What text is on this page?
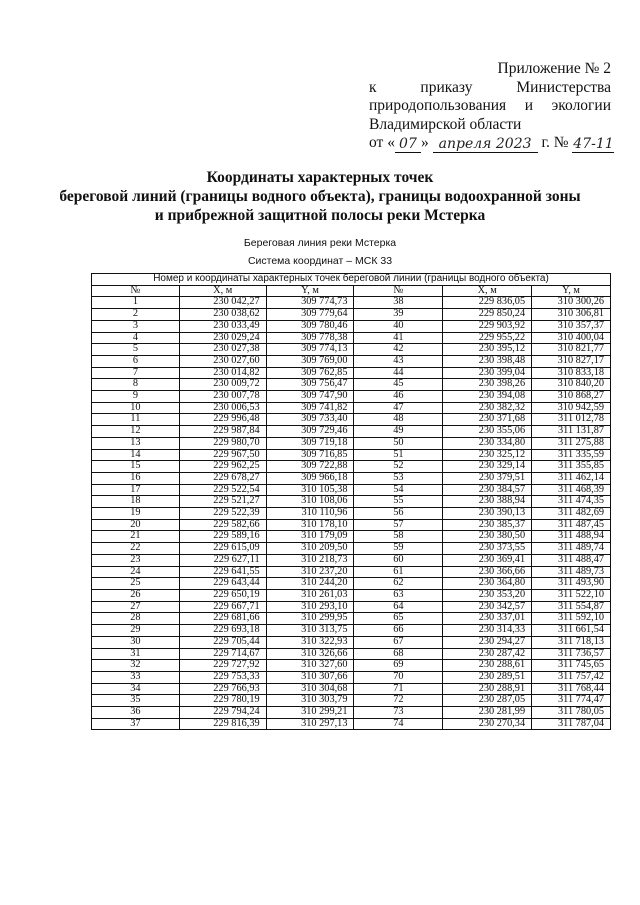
Приложение № 2
к	приказу	Министерства
природопользования и экологии
Владимирской области
от « 07 » апреля 2023 г. № 47-11
Координаты характерных точек
береговой линий (границы водного объекта), границы водоохранной зоны
и прибрежной защитной полосы реки Мстерка
Береговая линия реки Мстерка
Система координат – МСК 33
Номер и координаты характерных точек береговой линии (границы водного объекта)					
№	X, м	Y, м	№	X, м	Y, м
1	230 042,27	309 774,73	38	229 836,05	310 300,26
2	230 038,62	309 779,64	39	229 850,24	310 306,81
3	230 033,49	309 780,46	40	229 903,92	310 357,37
4	230 029,24	309 778,38	41	229 955,22	310 400,04
5	230 027,38	309 774,13	42	230 395,12	310 821,77
6	230 027,60	309 769,00	43	230 398,48	310 827,17
7	230 014,82	309 762,85	44	230 399,04	310 833,18
8	230 009,72	309 756,47	45	230 398,26	310 840,20
9	230 007,78	309 747,90	46	230 394,08	310 868,27
10	230 006,53	309 741,82	47	230 382,32	310 942,59
11	229 996,48	309 733,40	48	230 371,68	311 012,78
12	229 987,84	309 729,46	49	230 355,06	311 131,87
13	229 980,70	309 719,18	50	230 334,80	311 275,88
14	229 967,50	309 716,85	51	230 325,12	311 335,59
15	229 962,25	309 722,88	52	230 329,14	311 355,85
16	229 678,27	309 966,18	53	230 379,51	311 462,14
17	229 522,54	310 105,38	54	230 384,57	311 468,39
18	229 521,27	310 108,06	55	230 388,94	311 474,35
19	229 522,39	310 110,96	56	230 390,13	311 482,69
20	229 582,66	310 178,10	57	230 385,37	311 487,45
21	229 589,16	310 179,09	58	230 380,50	311 488,94
22	229 615,09	310 209,50	59	230 373,55	311 489,74
23	229 627,11	310 218,73	60	230 369,41	311 488,47
24	229 641,55	310 237,20	61	230 366,66	311 489,73
25	229 643,44	310 244,20	62	230 364,80	311 493,90
26	229 650,19	310 261,03	63	230 353,20	311 522,10
27	229 667,71	310 293,10	64	230 342,57	311 554,87
28	229 681,66	310 299,95	65	230 337,01	311 592,10
29	229 693,18	310 313,75	66	230 314,33	311 661,54
30	229 705,44	310 322,93	67	230 294,27	311 718,13
31	229 714,67	310 326,66	68	230 287,42	311 736,57
32	229 727,92	310 327,60	69	230 288,61	311 745,65
33	229 753,33	310 307,66	70	230 289,51	311 757,42
34	229 766,93	310 304,68	71	230 288,91	311 768,44
35	229 780,19	310 303,79	72	230 287,05	311 774,47
36	229 794,24	310 299,21	73	230 281,99	311 780,05
37	229 816,39	310 297,13	74	230 270,34	311 787,04
